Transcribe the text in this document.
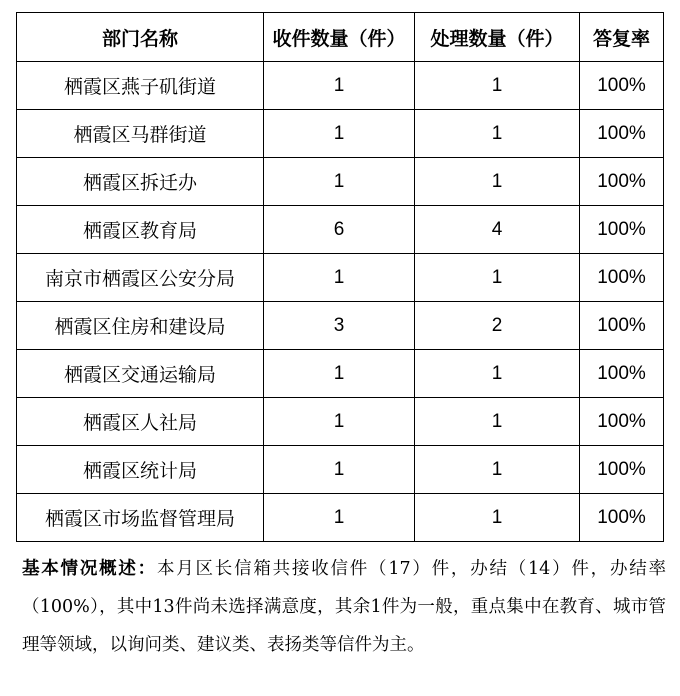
部门名称	收件数量（件）	处理数量（件）	答复率
栖霞区燕子矶街道	1	1	100%
栖霞区马群街道	1	1	100%
栖霞区拆迁办	1	1	100%
栖霞区教育局	6	4	100%
南京市栖霞区公安分局	1	1	100%
栖霞区住房和建设局	3	2	100%
栖霞区交通运输局	1	1	100%
栖霞区人社局	1	1	100%
栖霞区统计局	1	1	100%
栖霞区市场监督管理局	1	1	100%
基本情况概述：本月区长信箱共接收信件（17）件，办结（14）件，办结率（100%），其中13件尚未选择满意度，其余1件为一般，重点集中在教育、城市管理等领域，以询问类、建议类、表扬类等信件为主。
